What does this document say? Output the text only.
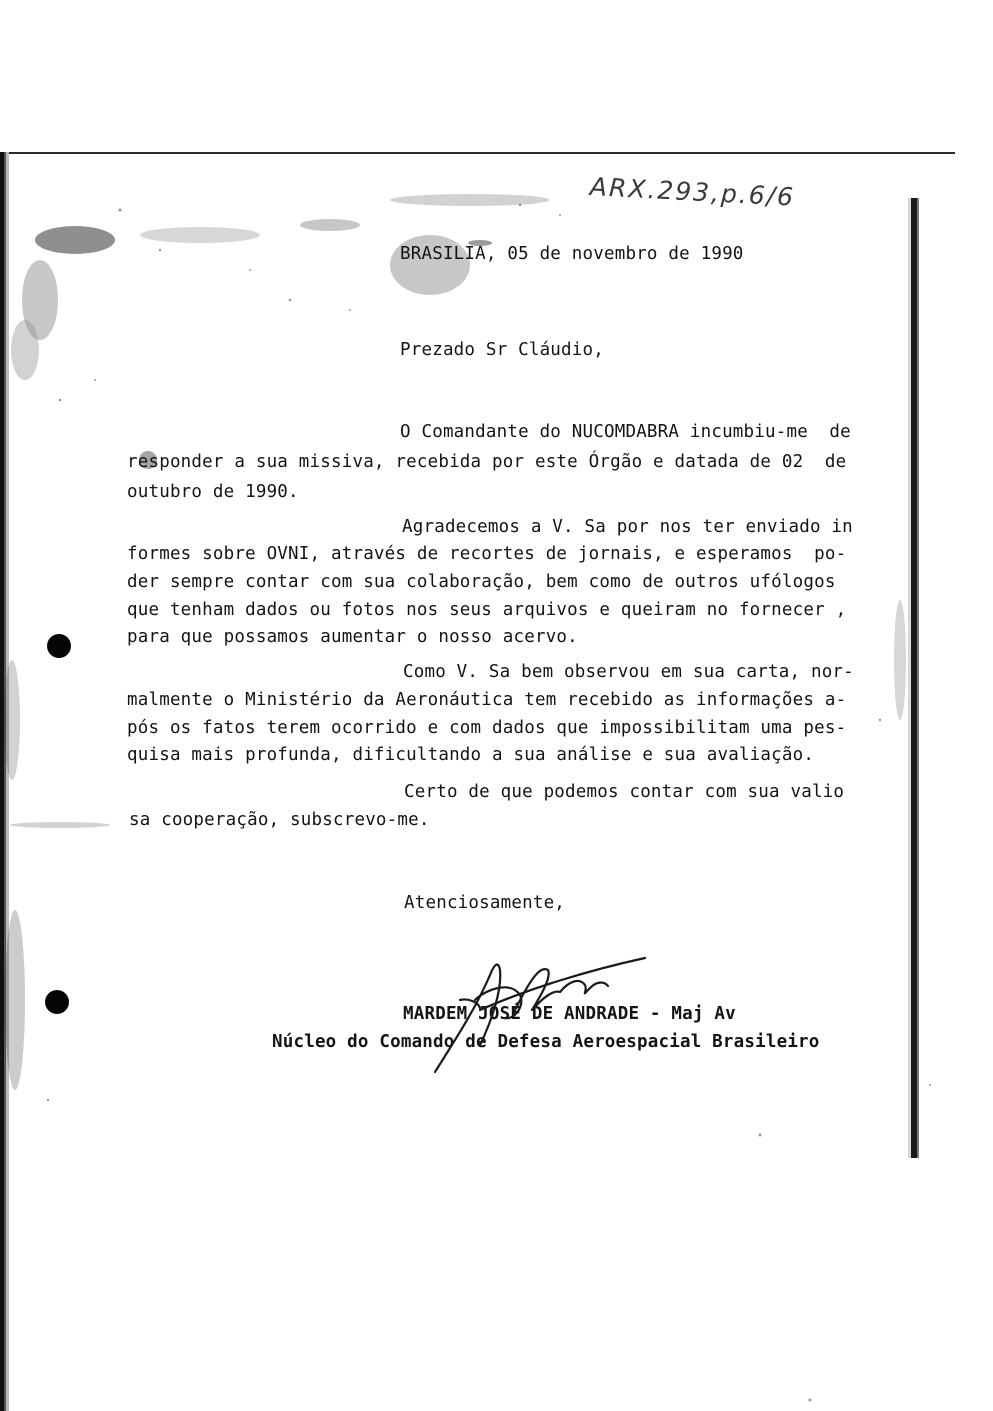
ARX.293,p.6/6
BRASILIA, 05 de novembro de 1990
Prezado Sr Cláudio,
O Comandante do NUCOMDABRA incumbiu-me  de
responder a sua missiva, recebida por este Órgão e datada de 02  de
outubro de 1990.
Agradecemos a V. Sa por nos ter enviado in
formes sobre OVNI, através de recortes de jornais, e esperamos  po-
der sempre contar com sua colaboração, bem como de outros ufólogos
que tenham dados ou fotos nos seus arquivos e queiram no fornecer ,
para que possamos aumentar o nosso acervo.
Como V. Sa bem observou em sua carta, nor-
malmente o Ministério da Aeronáutica tem recebido as informações a-
pós os fatos terem ocorrido e com dados que impossibilitam uma pes-
quisa mais profunda, dificultando a sua análise e sua avaliação.
Certo de que podemos contar com sua valio
sa cooperação, subscrevo-me.
Atenciosamente,
MARDEM JOSÉ DE ANDRADE - Maj Av
Núcleo do Comando de Defesa Aeroespacial Brasileiro
